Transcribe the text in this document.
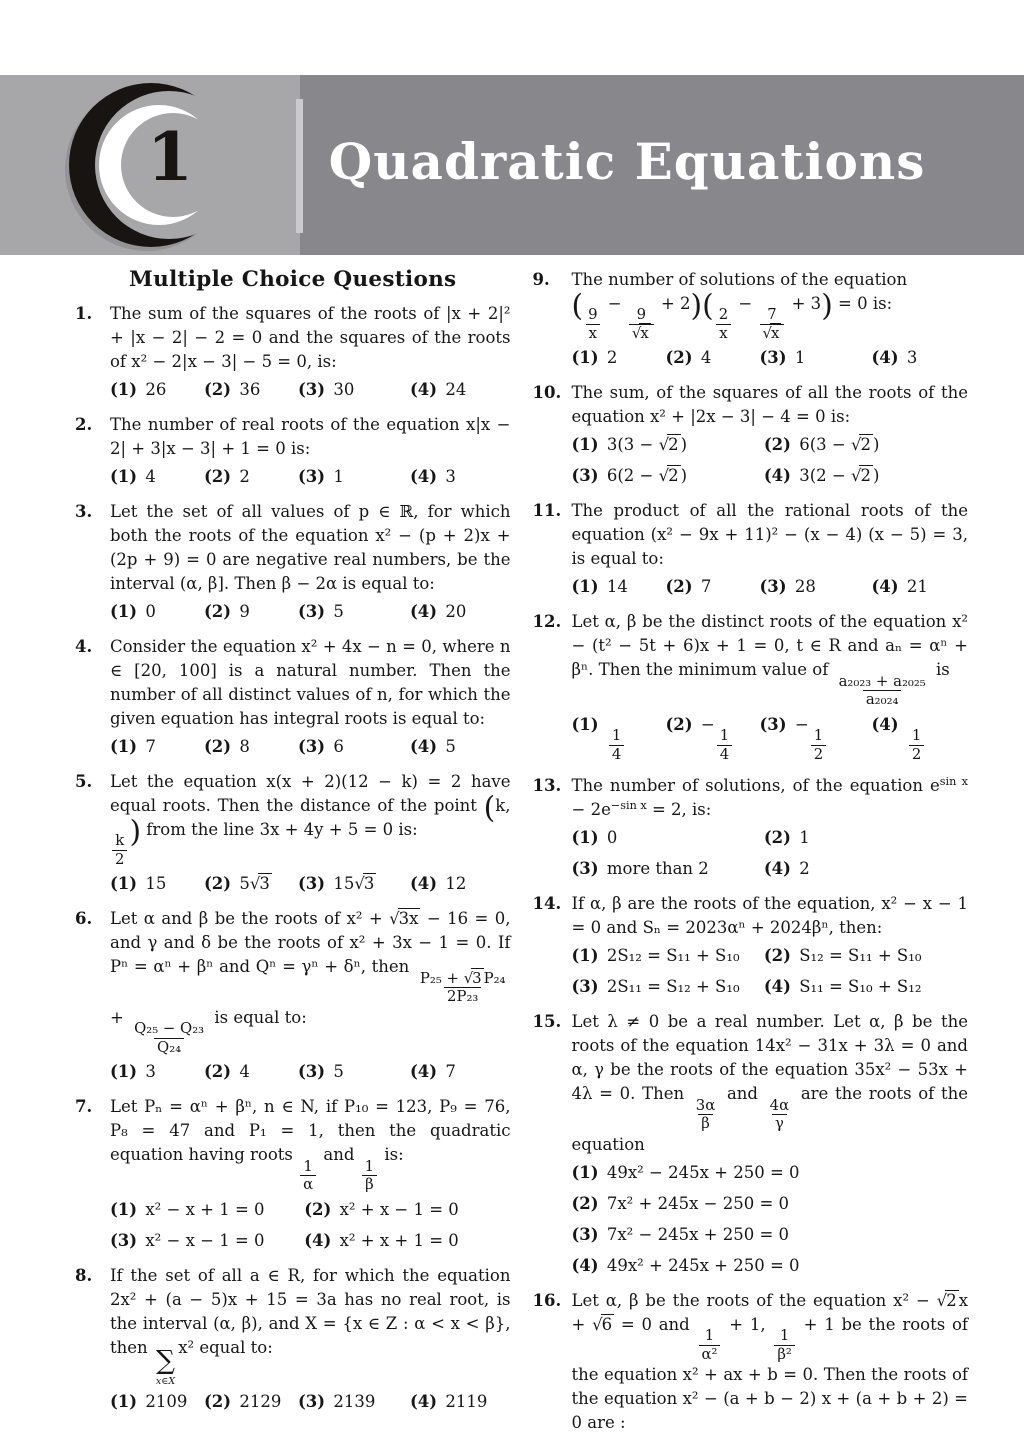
1	Quadratic Equations
Multiple Choice Questions
1.	The sum of the squares of the roots of |x + 2|² + |x − 2| − 2 = 0 and the squares of the roots of x² − 2|x − 3| − 5 = 0, is:
(1)  26	(2)  36	(3)  30	(4)  24
2.	The number of real roots of the equation x|x − 2| + 3|x − 3| + 1 = 0 is:
(1)  4	(2)  2	(3)  1	(4)  3
3.	Let the set of all values of p ∈ ℝ, for which both the roots of the equation x² − (p + 2)x + (2p + 9) = 0 are negative real numbers, be the interval (α, β]. Then β − 2α is equal to:
(1)  0	(2)  9	(3)  5	(4)  20
4.	Consider the equation x² + 4x − n = 0, where n ∈ [20, 100] is a natural number. Then the number of all distinct values of n, for which the given equation has integral roots is equal to:
(1)  7	(2)  8	(3)  6	(4)  5
5.	Let the equation x(x + 2)(12 − k) = 2 have equal roots. Then the distance of the point (k,
$\frac{k}{2}$
) from the line 3x + 4y + 5 = 0 is:
(1)  15	(2)  5√3	(3)  15√3	(4)  12
6.	Let α and β be the roots of x² + √3x − 16 = 0, and γ and δ be the roots of x² + 3x − 1 = 0. If Pⁿ = αⁿ + βⁿ and Qⁿ = γⁿ + δⁿ, then
$\frac{\text{P₂₅ + √3 P₂₄}}{\text{2P₂₃}}$
+
$\frac{\text{Q₂₅ − Q₂₃}}{\text{Q₂₄}}$
is equal to:
(1)  3	(2)  4	(3)  5	(4)  7
7.	Let Pₙ = αⁿ + βⁿ, n ∈ N, if P₁₀ = 123, P₉ = 76, P₈ = 47 and P₁ = 1, then the quadratic equation having roots
$\frac{1}{\alpha}$
and
$\frac{1}{\beta}$
is:
(1)  x² − x + 1 = 0	(2)  x² + x − 1 = 0
(3)  x² − x − 1 = 0	(4)  x² + x + 1 = 0
8.	If the set of all a ∈ R, for which the equation 2x² + (a − 5)x + 15 = 3a has no real root, is the interval (α, β), and X = {x ∈ Z : α < x < β}, then ∑
x∈X
x² equal to:
(1)  2109	(2)  2129	(3)  2139	(4)  2119
9.	The number of solutions of the equation
(
$\frac{9}{x}$
−
$\frac{9}{√x}$
+ 2)(
$\frac{2}{x}$
−
$\frac{7}{√x}$
+ 3) = 0 is:
(1)  2	(2)  4	(3)  1	(4)  3
10. The sum, of the squares of all the roots of the equation x² + |2x − 3| − 4 = 0 is:
(1)  3(3 − √2 )	(2)  6(3 − √2 )
(3)  6(2 − √2 )	(4)  3(2 − √2 )
11. The product of all the rational roots of the equation (x² − 9x + 11)² − (x − 4) (x − 5) = 3, is equal to:
(1)  14	(2)  7	(3)  28	(4)  21
12. Let α, β be the distinct roots of the equation x² − (t² − 5t + 6)x + 1 = 0, t ∈ R and aₙ = αⁿ + βⁿ. Then the minimum value of
$\frac{\text{a₂₀₂₃ + a₂₀₂₅}}{\text{a₂₀₂₄}}$
is
(1) 
$\frac{1}{4}$
(2)  −
$\frac{1}{4}$
(3)  −
$\frac{1}{2}$
(4) 
$\frac{1}{2}$
13. The number of solutions, of the equation $e^{sin x} - 2e^{-sin x} = 2$, is:
(1)  0	(2)  1
(3)  more than 2	(4)  2
14. If α, β are the roots of the equation, x² − x − 1 = 0 and Sₙ = 2023αⁿ + 2024βⁿ, then:
(1)  2S₁₂ = S₁₁ + S₁₀	(2)  S₁₂ = S₁₁ + S₁₀
(3)  2S₁₁ = S₁₂ + S₁₀	(4)  S₁₁ = S₁₀ + S₁₂
15. Let λ ≠ 0 be a real number. Let α, β be the roots of the equation 14x² − 31x + 3λ = 0 and α, γ be the roots of the equation 35x² − 53x + 4λ = 0. Then
$\frac{3\alpha}{\beta}$
and
$\frac{4\alpha}{\gamma}$
are the roots of the equation
(1)  49x² − 245x + 250 = 0
(2)  7x² + 245x − 250 = 0
(3)  7x² − 245x + 250 = 0
(4)  49x² + 245x + 250 = 0
16. Let α, β be the roots of the equation x² − √2 x + √6 = 0 and
$\frac{1}{\text{α²}}$
+ 1,
$\frac{1}{\text{β²}}$
+ 1 be the roots of the equation x² + ax + b = 0. Then the roots of the equation x² − (a + b − 2) x + (a + b + 2) = 0 are :
